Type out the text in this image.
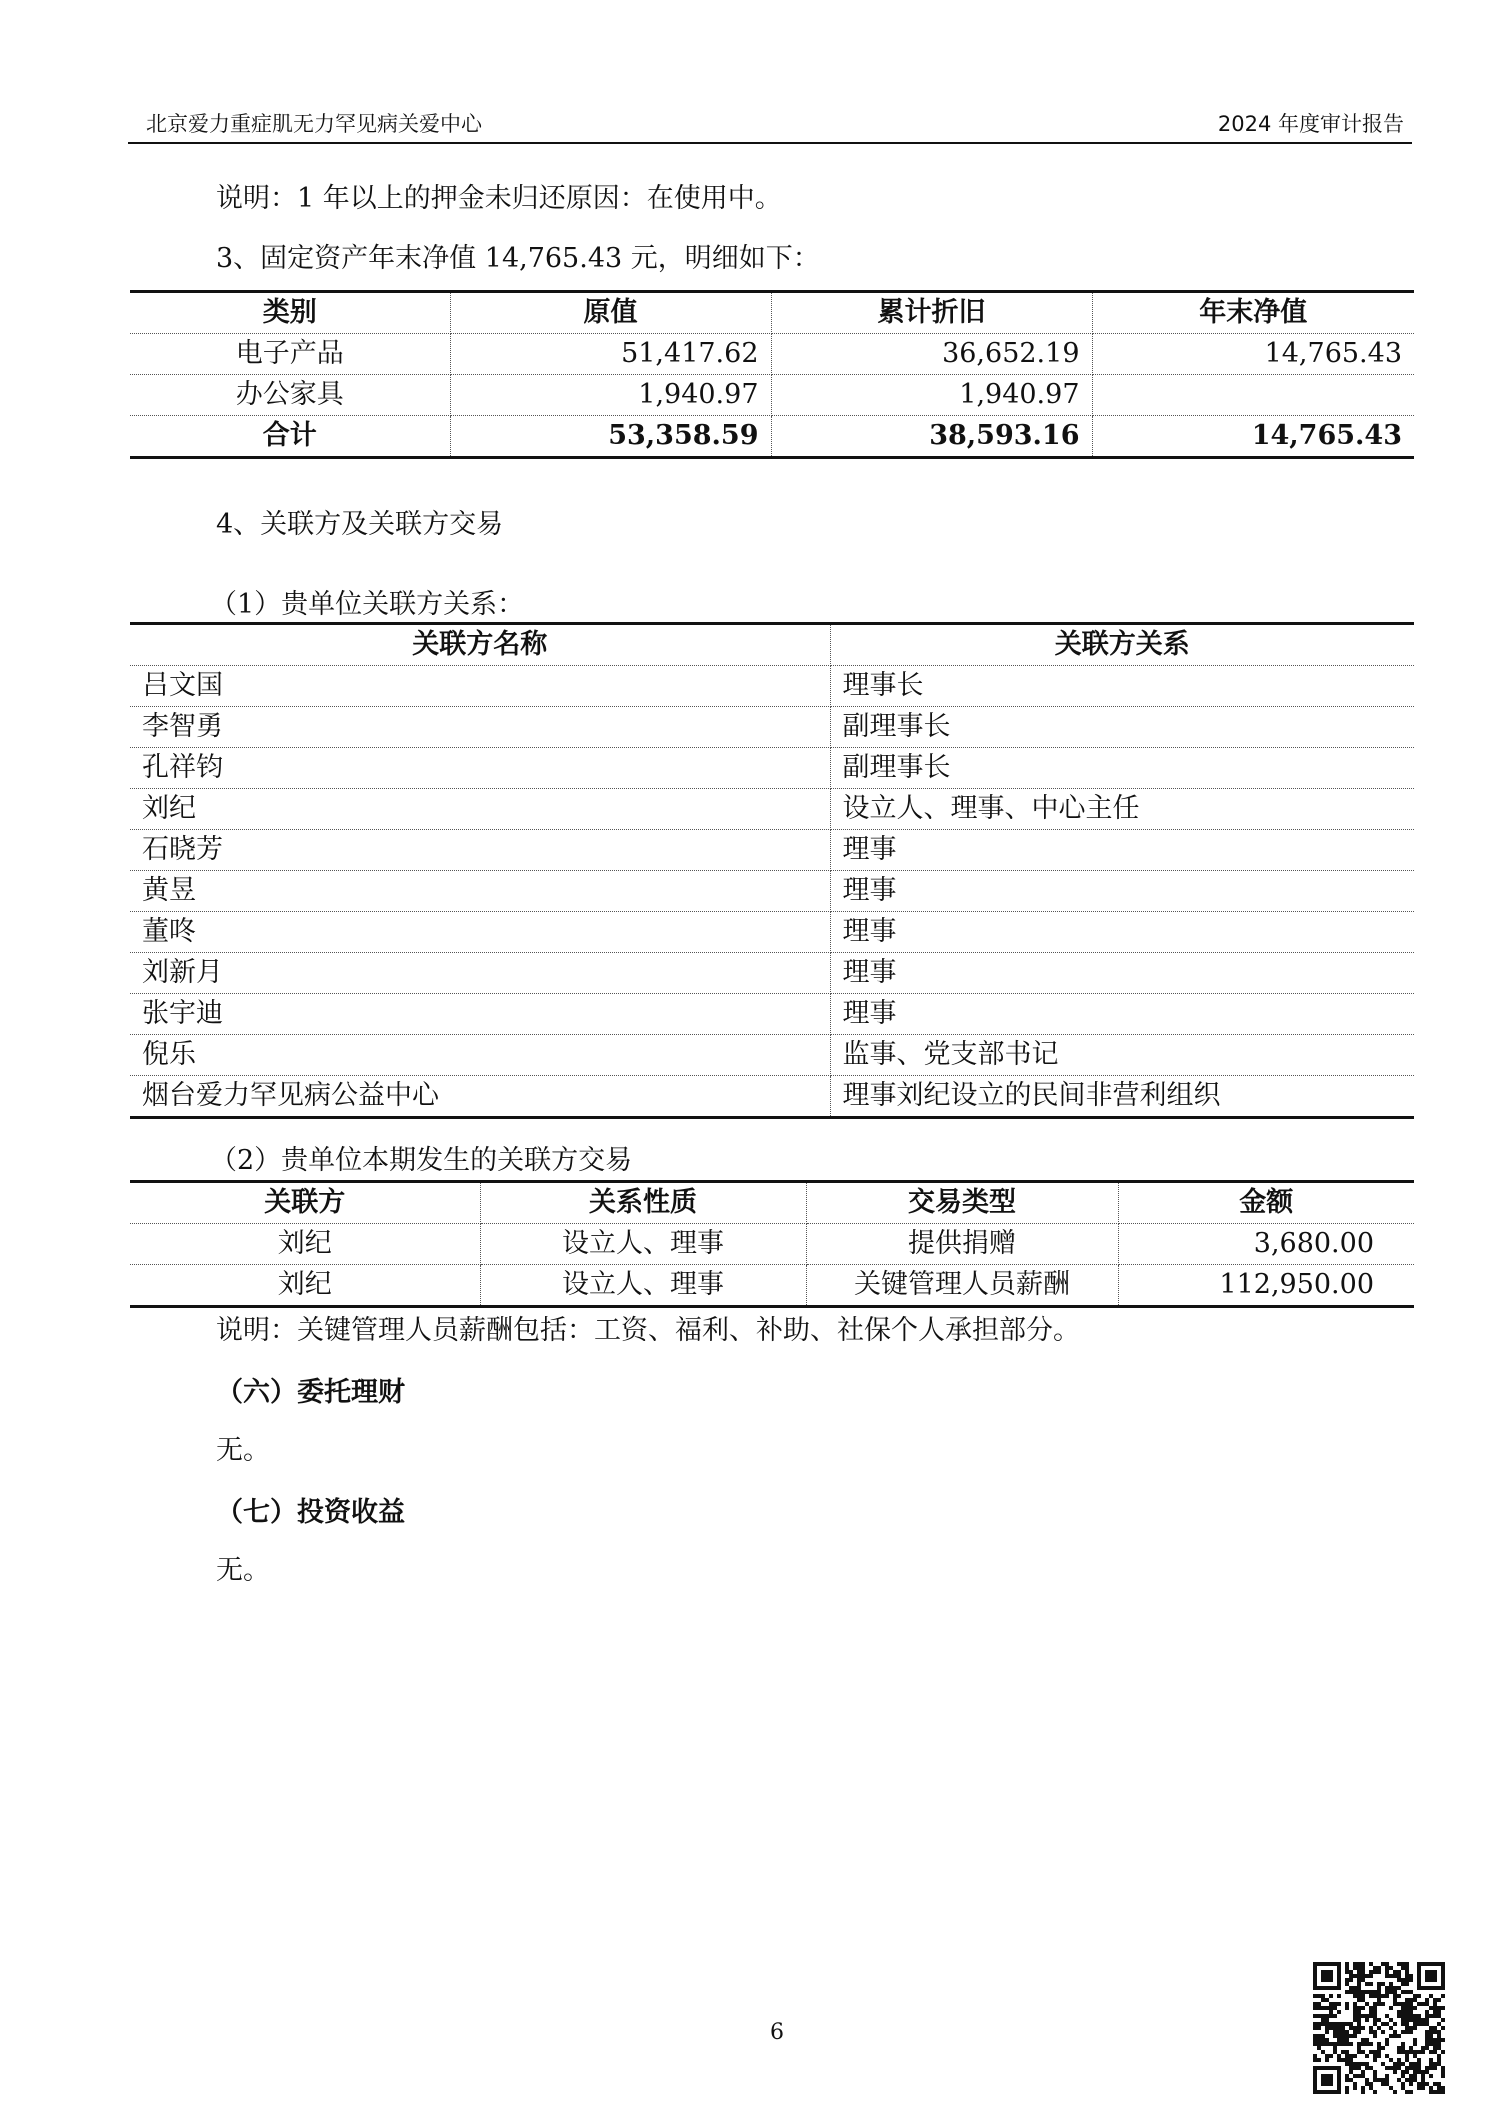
北京爱力重症肌无力罕见病关爱中心	2024 年度审计报告
说明：1 年以上的押金未归还原因：在使用中。
3、固定资产年末净值 14,765.43 元，明细如下：
类别	原值	累计折旧	年末净值
电子产品	51,417.62	36,652.19	14,765.43
办公家具	1,940.97	1,940.97	
合计	53,358.59	38,593.16	14,765.43
4、关联方及关联方交易
（1）贵单位关联方关系：
关联方名称	关联方关系
吕文国	理事长
李智勇	副理事长
孔祥钧	副理事长
刘纪	设立人、理事、中心主任
石晓芳	理事
黄昱	理事
董咚	理事
刘新月	理事
张宇迪	理事
倪乐	监事、党支部书记
烟台爱力罕见病公益中心	理事刘纪设立的民间非营利组织
（2）贵单位本期发生的关联方交易
关联方	关系性质	交易类型	金额
刘纪	设立人、理事	提供捐赠	3,680.00
刘纪	设立人、理事	关键管理人员薪酬	112,950.00
说明：关键管理人员薪酬包括：工资、福利、补助、社保个人承担部分。
（六）委托理财
无。
（七）投资收益
无。
6
